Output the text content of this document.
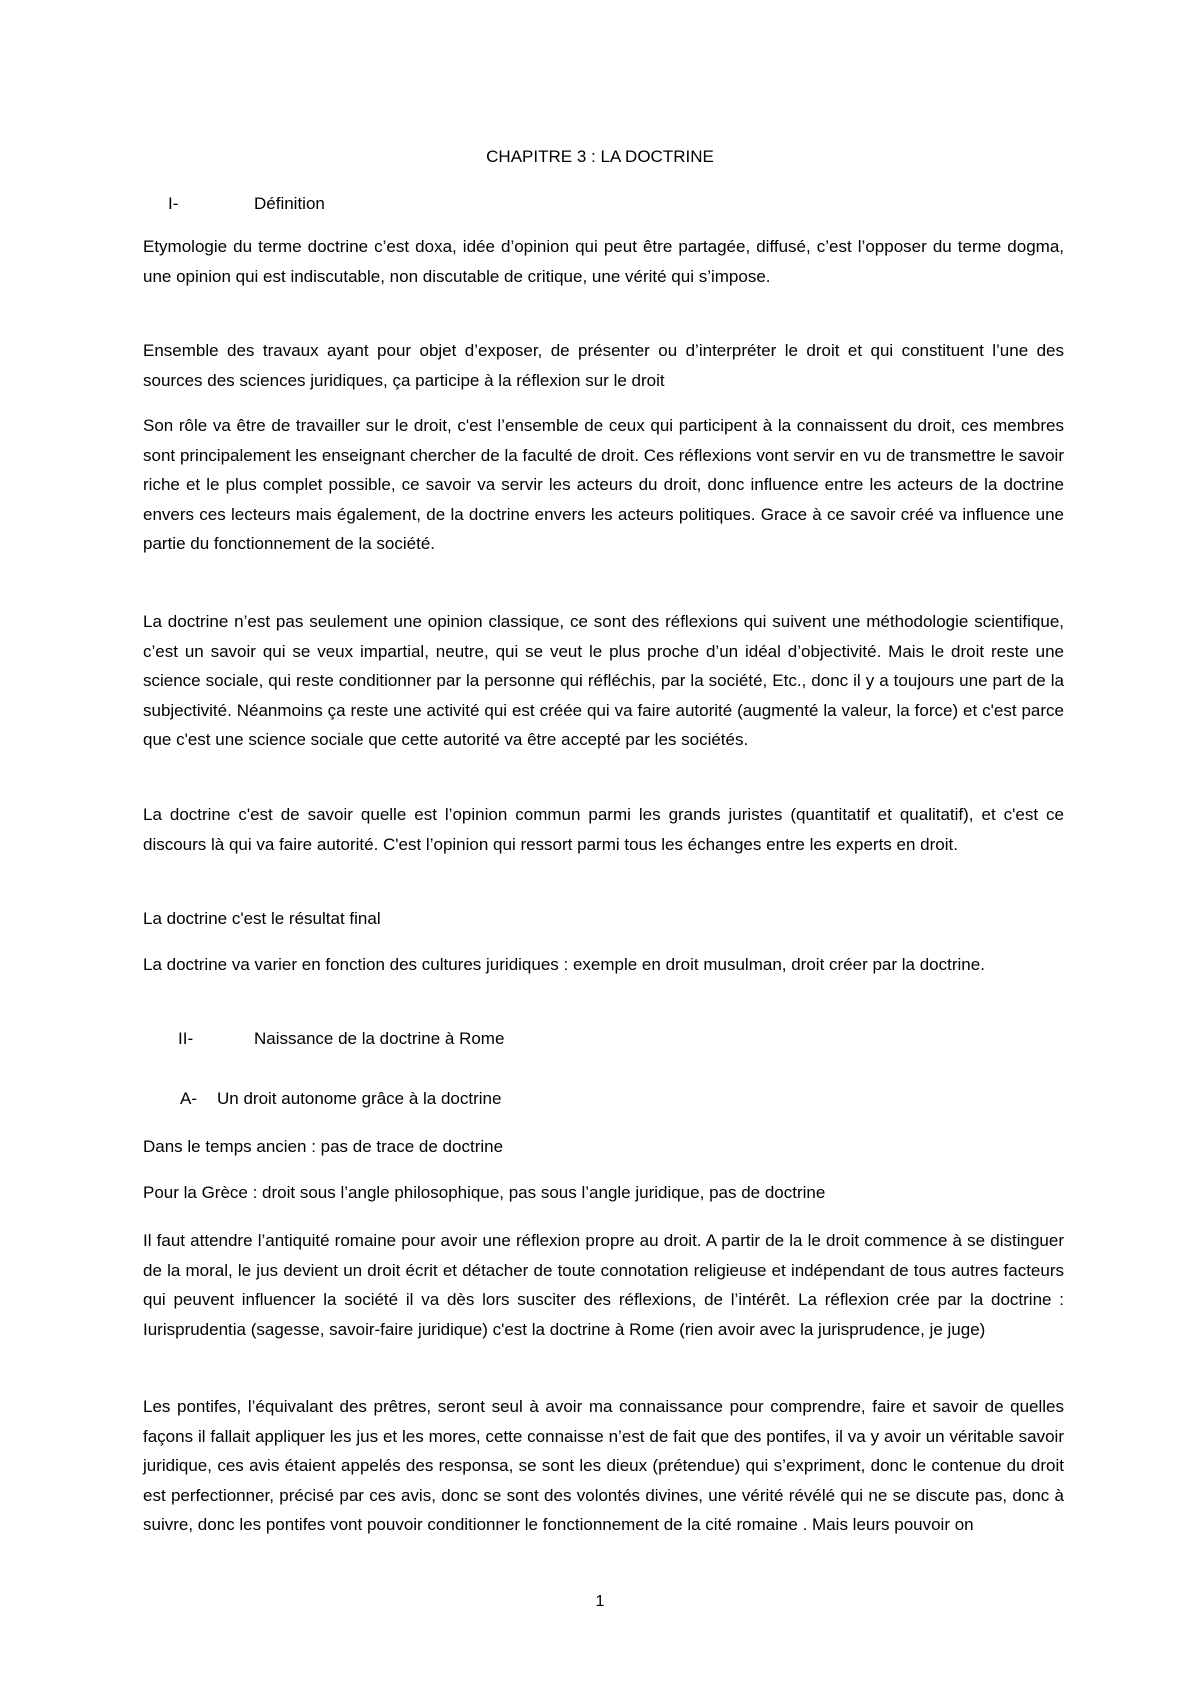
CHAPITRE 3 : LA DOCTRINE
I-	Définition

Etymologie du terme doctrine c’est doxa, idée d’opinion qui peut être partagée, diffusé, c’est l’opposer du terme dogma, une opinion qui est indiscutable, non discutable de critique, une vérité qui s’impose.

Ensemble des travaux ayant pour objet d’exposer, de présenter ou d’interpréter le droit et qui constituent l’une des sources des sciences juridiques, ça participe à la réflexion sur le droit

Son rôle va être de travailler sur le droit, c'est l’ensemble de ceux qui participent à la connaissent du droit, ces membres sont principalement les enseignant chercher de la faculté de droit. Ces réflexions vont servir en vu de transmettre le savoir riche et le plus complet possible, ce savoir va servir les acteurs du droit, donc influence entre les acteurs de la doctrine envers ces lecteurs mais également, de la doctrine envers les acteurs politiques. Grace à ce savoir créé va influence une partie du fonctionnement de la société.

La doctrine n’est pas seulement une opinion classique, ce sont des réflexions qui suivent une méthodologie scientifique, c’est un savoir qui se veux impartial, neutre, qui se veut le plus proche d’un idéal d’objectivité. Mais le droit reste une science sociale, qui reste conditionner par la personne qui réfléchis, par la société, Etc., donc il y a toujours une part de la subjectivité. Néanmoins ça reste une activité qui est créée qui va faire autorité (augmenté la valeur, la force) et c'est parce que c'est une science sociale que cette autorité va être accepté par les sociétés.

La doctrine c'est de savoir quelle est l’opinion commun parmi les grands juristes (quantitatif et qualitatif), et c'est ce discours là qui va faire autorité. C'est l’opinion qui ressort parmi tous les échanges entre les experts en droit.

La doctrine c'est le résultat final

La doctrine va varier en fonction des cultures juridiques : exemple en droit musulman, droit créer par la doctrine.

II-	Naissance de la doctrine à Rome
A- Un droit autonome grâce à la doctrine
Dans le temps ancien : pas de trace de doctrine
Pour la Grèce : droit sous l’angle philosophique, pas sous l’angle juridique, pas de doctrine

Il faut attendre l’antiquité romaine pour avoir une réflexion propre au droit. A partir de la le droit commence à se distinguer de la moral, le jus devient un droit écrit et détacher de toute connotation religieuse et indépendant de tous autres facteurs qui peuvent influencer la société il va dès lors susciter des réflexions, de l’intérêt. La réflexion crée par la doctrine : Iurisprudentia (sagesse, savoir-faire juridique) c'est la doctrine à Rome (rien avoir avec la jurisprudence, je juge)

Les pontifes, l’équivalant des prêtres, seront seul à avoir ma connaissance pour comprendre, faire et savoir de quelles façons il fallait appliquer les jus et les mores, cette connaisse n’est de fait que des pontifes, il va y avoir un véritable savoir juridique, ces avis étaient appelés des responsa, se sont les dieux (prétendue) qui s’expriment, donc le contenue du droit est perfectionner, précisé par ces avis, donc se sont des volontés divines, une vérité révélé qui ne se discute pas, donc à suivre, donc les pontifes vont pouvoir conditionner le fonctionnement de la cité romaine . Mais leurs pouvoir on

1
